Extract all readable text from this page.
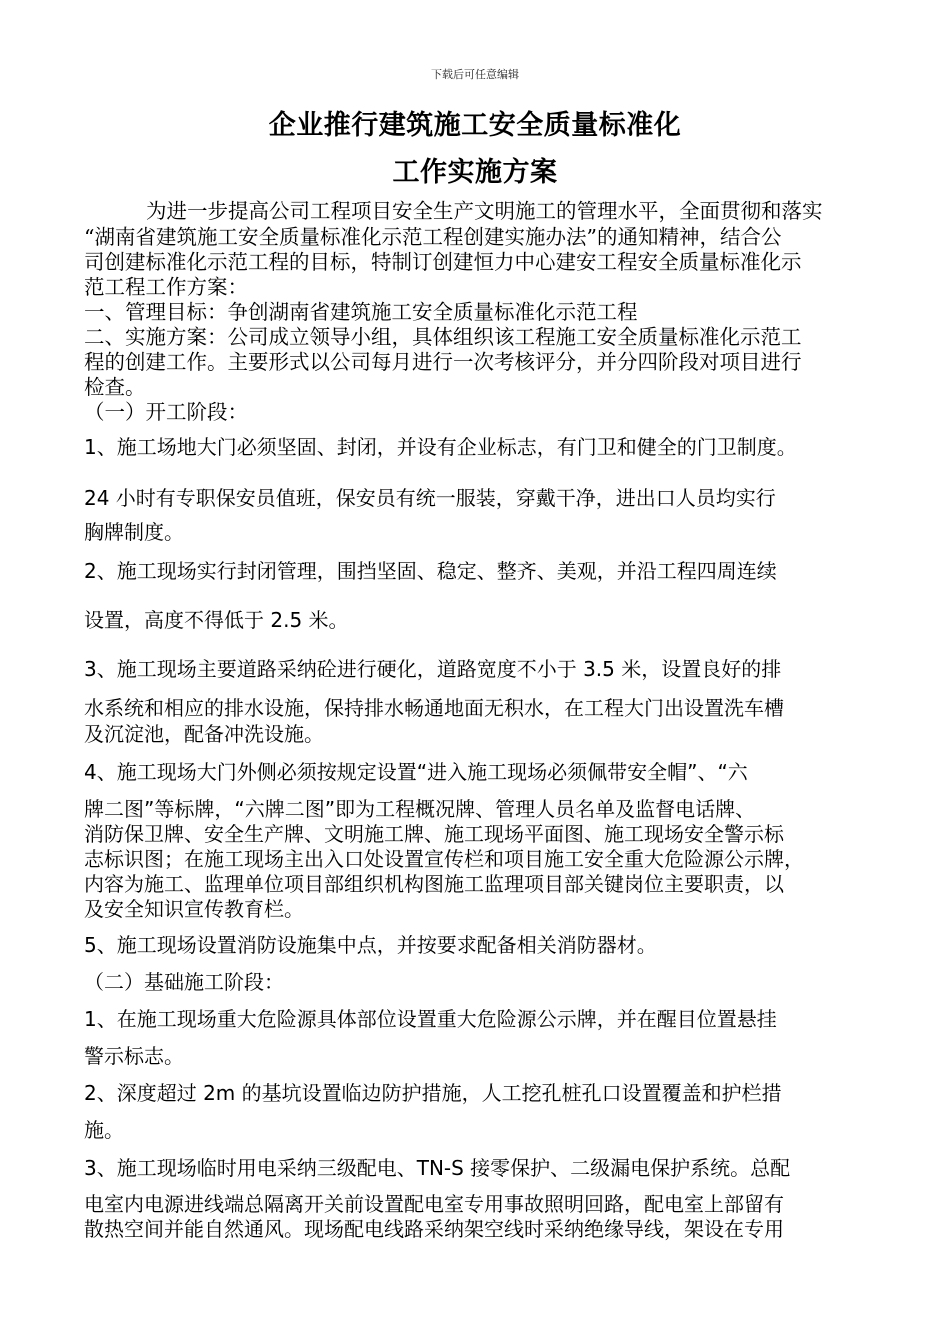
下载后可任意编辑
企业推行建筑施工安全质量标准化
工作实施方案
为进一步提高公司工程项目安全生产文明施工的管理水平，全面贯彻和落实
“湖南省建筑施工安全质量标准化示范工程创建实施办法”的通知精神，结合公
司创建标准化示范工程的目标，特制订创建恒力中心建安工程安全质量标准化示
范工程工作方案：
一、管理目标：争创湖南省建筑施工安全质量标准化示范工程
二、实施方案：公司成立领导小组，具体组织该工程施工安全质量标准化示范工
程的创建工作。主要形式以公司每月进行一次考核评分，并分四阶段对项目进行
检查。
（一）开工阶段：
1、施工场地大门必须坚固、封闭，并设有企业标志，有门卫和健全的门卫制度。
24 小时有专职保安员值班，保安员有统一服装，穿戴干净，进出口人员均实行
胸牌制度。
2、施工现场实行封闭管理，围挡坚固、稳定、整齐、美观，并沿工程四周连续
设置，高度不得低于 2.5 米。
3、施工现场主要道路采纳砼进行硬化，道路宽度不小于 3.5 米，设置良好的排
水系统和相应的排水设施，保持排水畅通地面无积水，在工程大门出设置洗车槽
及沉淀池，配备冲洗设施。
4、施工现场大门外侧必须按规定设置“进入施工现场必须佩带安全帽”、“六
牌二图”等标牌，“六牌二图”即为工程概况牌、管理人员名单及监督电话牌、
消防保卫牌、安全生产牌、文明施工牌、施工现场平面图、施工现场安全警示标
志标识图；在施工现场主出入口处设置宣传栏和项目施工安全重大危险源公示牌，
内容为施工、监理单位项目部组织机构图施工监理项目部关键岗位主要职责，以
及安全知识宣传教育栏。
5、施工现场设置消防设施集中点，并按要求配备相关消防器材。
（二）基础施工阶段：
1、在施工现场重大危险源具体部位设置重大危险源公示牌，并在醒目位置悬挂
警示标志。
2、深度超过 2m 的基坑设置临边防护措施，人工挖孔桩孔口设置覆盖和护栏措
施。
3、施工现场临时用电采纳三级配电、TN-S 接零保护、二级漏电保护系统。总配
电室内电源进线端总隔离开关前设置配电室专用事故照明回路，配电室上部留有
散热空间并能自然通风。现场配电线路采纳架空线时采纳绝缘导线，架设在专用
